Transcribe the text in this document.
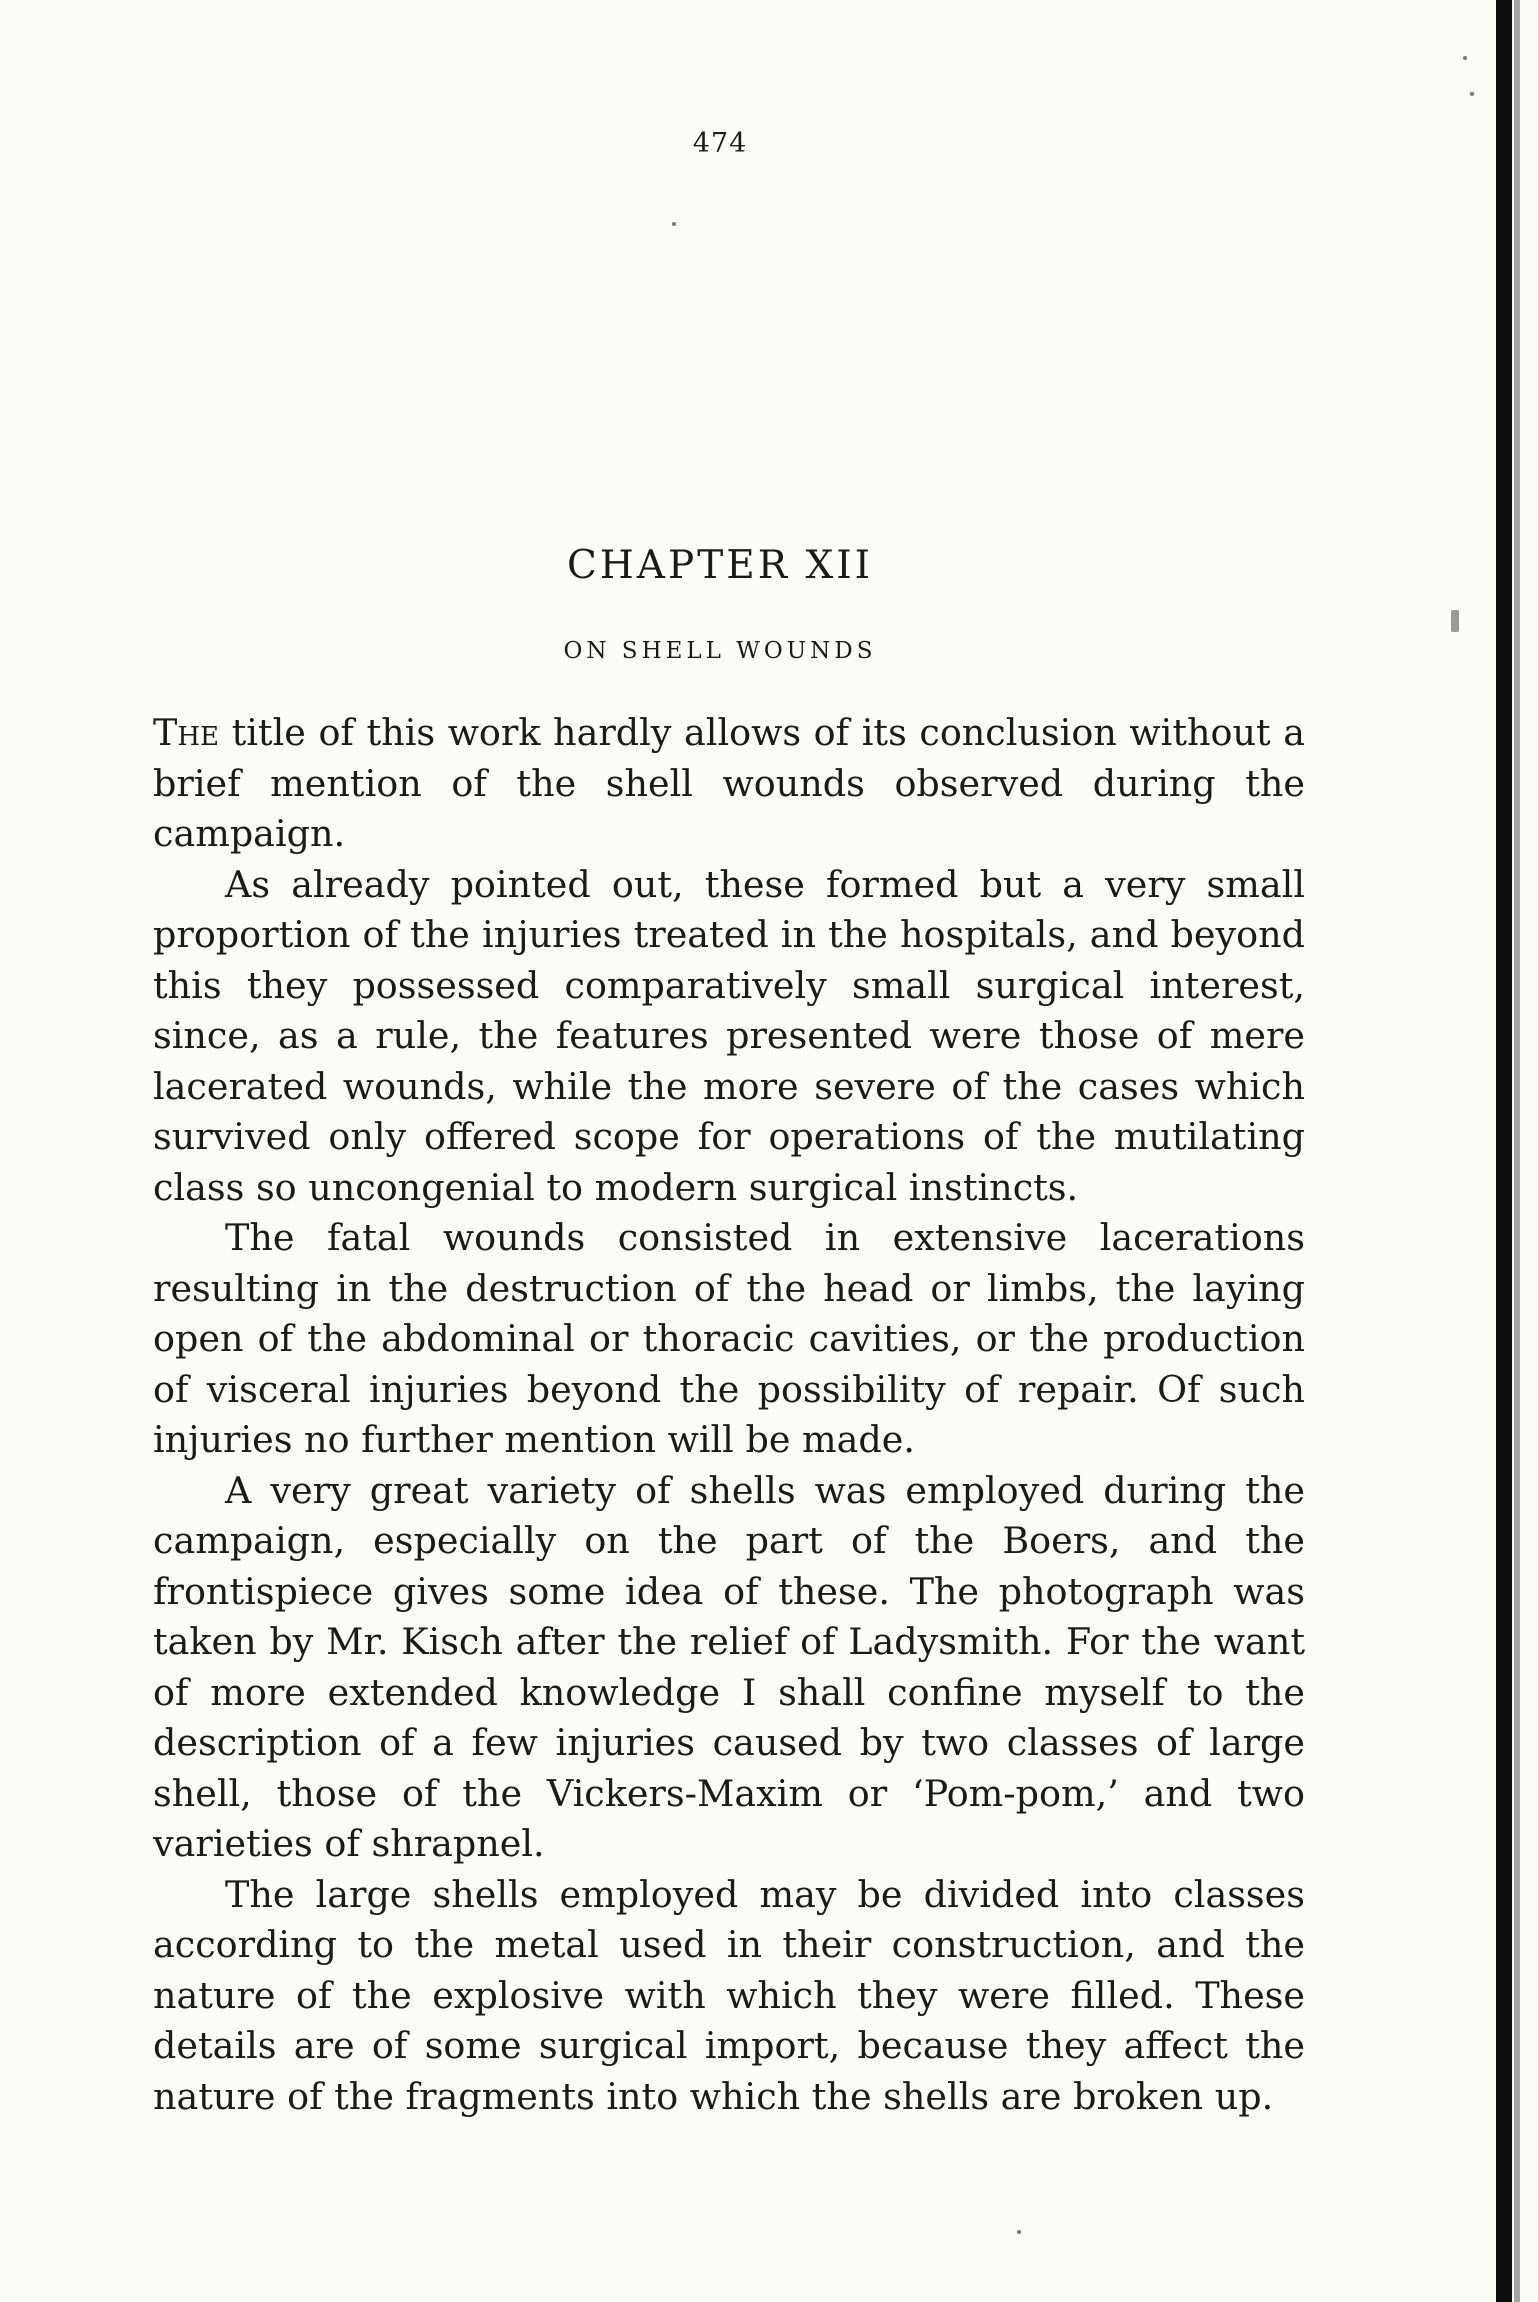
474
CHAPTER XII
ON SHELL WOUNDS

The title of this work hardly allows of its conclusion without a brief mention of the shell wounds observed during the campaign.

As already pointed out, these formed but a very small proportion of the injuries treated in the hospitals, and beyond this they possessed comparatively small surgical interest, since, as a rule, the features presented were those of mere lacerated wounds, while the more severe of the cases which survived only offered scope for operations of the mutilating class so uncongenial to modern surgical instincts.

The fatal wounds consisted in extensive lacerations resulting in the destruction of the head or limbs, the laying open of the abdominal or thoracic cavities, or the production of visceral injuries beyond the possibility of repair. Of such injuries no further mention will be made.

A very great variety of shells was employed during the campaign, especially on the part of the Boers, and the frontispiece gives some idea of these. The photograph was taken by Mr. Kisch after the relief of Ladysmith. For the want of more extended knowledge I shall confine myself to the description of a few injuries caused by two classes of large shell, those of the Vickers-Maxim or ‘Pom-pom,’ and two varieties of shrapnel.

The large shells employed may be divided into classes according to the metal used in their construction, and the nature of the explosive with which they were filled. These details are of some surgical import, because they affect the nature of the fragments into which the shells are broken up.
